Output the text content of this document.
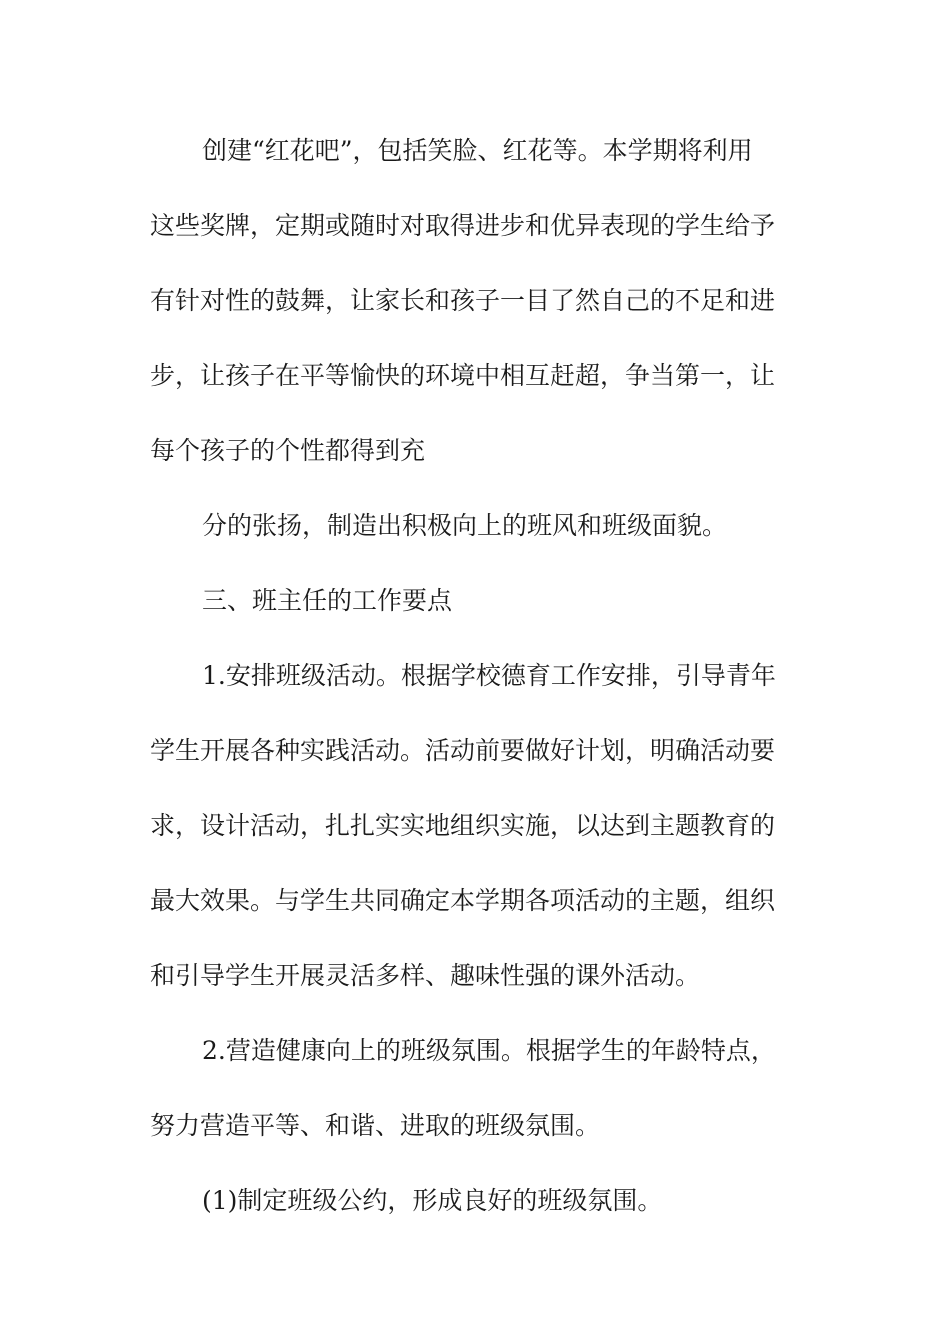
创建“红花吧”，包括笑脸、红花等。本学期将利用
这些奖牌，定期或随时对取得进步和优异表现的学生给予
有针对性的鼓舞，让家长和孩子一目了然自己的不足和进
步，让孩子在平等愉快的环境中相互赶超，争当第一，让
每个孩子的个性都得到充
分的张扬，制造出积极向上的班风和班级面貌。
三、班主任的工作要点
1.安排班级活动。根据学校德育工作安排，引导青年
学生开展各种实践活动。活动前要做好计划，明确活动要
求，设计活动，扎扎实实地组织实施，以达到主题教育的
最大效果。与学生共同确定本学期各项活动的主题，组织
和引导学生开展灵活多样、趣味性强的课外活动。
2.营造健康向上的班级氛围。根据学生的年龄特点，
努力营造平等、和谐、进取的班级氛围。
(1)制定班级公约，形成良好的班级氛围。
